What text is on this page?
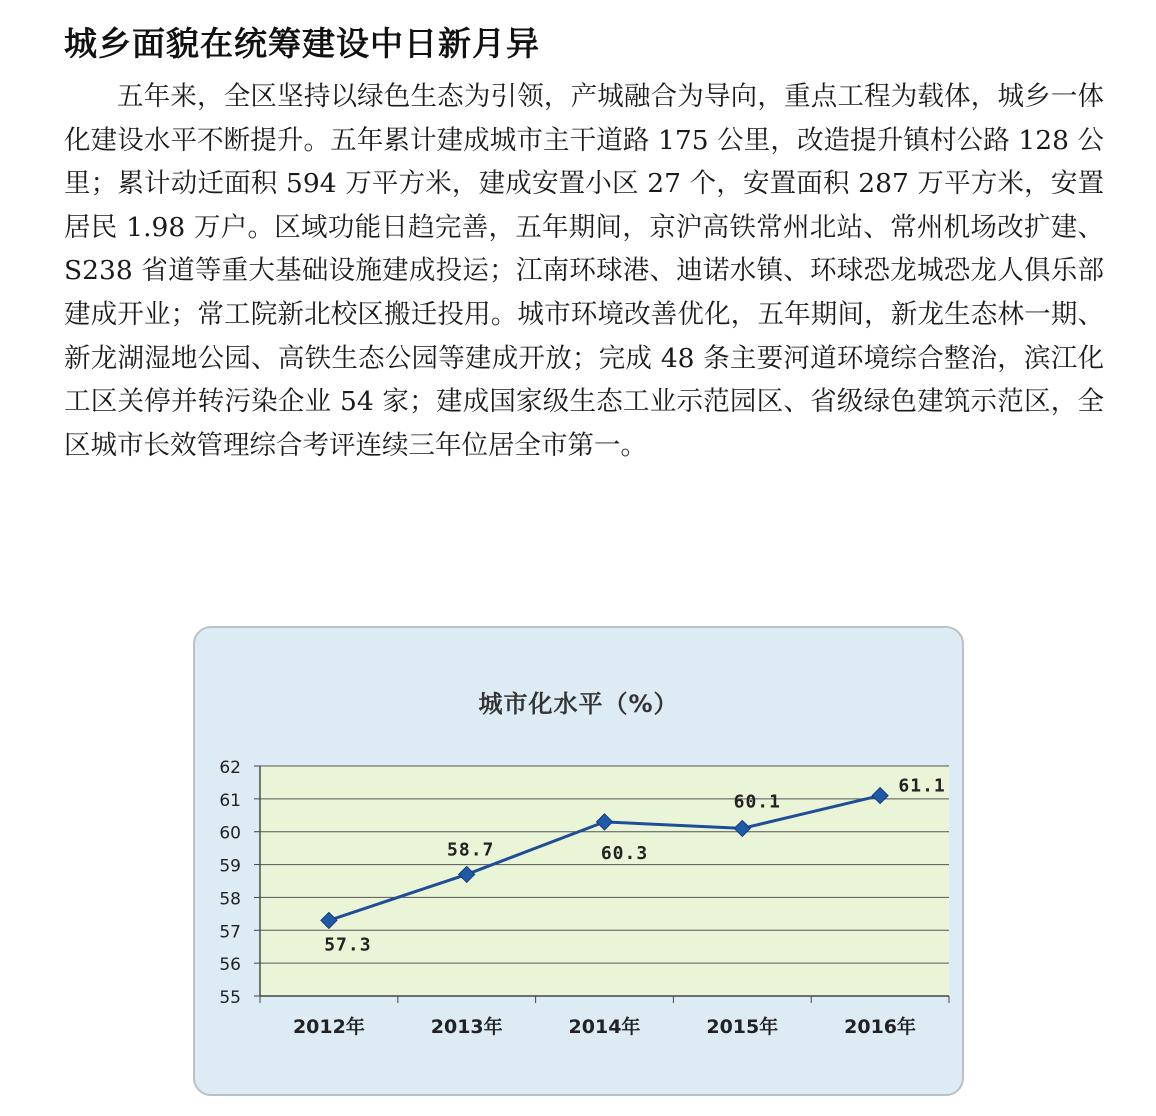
城乡面貌在统筹建设中日新月异

五年来，全区坚持以绿色生态为引领，产城融合为导向，重点工程为载体，城乡一体化建设水平不断提升。五年累计建成城市主干道路 175 公里，改造提升镇村公路 128 公里；累计动迁面积 594 万平方米，建成安置小区 27 个，安置面积 287 万平方米，安置居民 1.98 万户。区域功能日趋完善，五年期间，京沪高铁常州北站、常州机场改扩建、S238 省道等重大基础设施建成投运；江南环球港、迪诺水镇、环球恐龙城恐龙人俱乐部建成开业；常工院新北校区搬迁投用。城市环境改善优化，五年期间，新龙生态林一期、新龙湖湿地公园、高铁生态公园等建成开放；完成 48 条主要河道环境综合整治，滨江化工区关停并转污染企业 54 家；建成国家级生态工业示范园区、省级绿色建筑示范区，全区城市长效管理综合考评连续三年位居全市第一。

城市化水平（%）
55
56
57
58
59
60
61
62
2012年	2013年	2014年	2015年	2016年
57.3
58.7	60.3
60.1
61.1
